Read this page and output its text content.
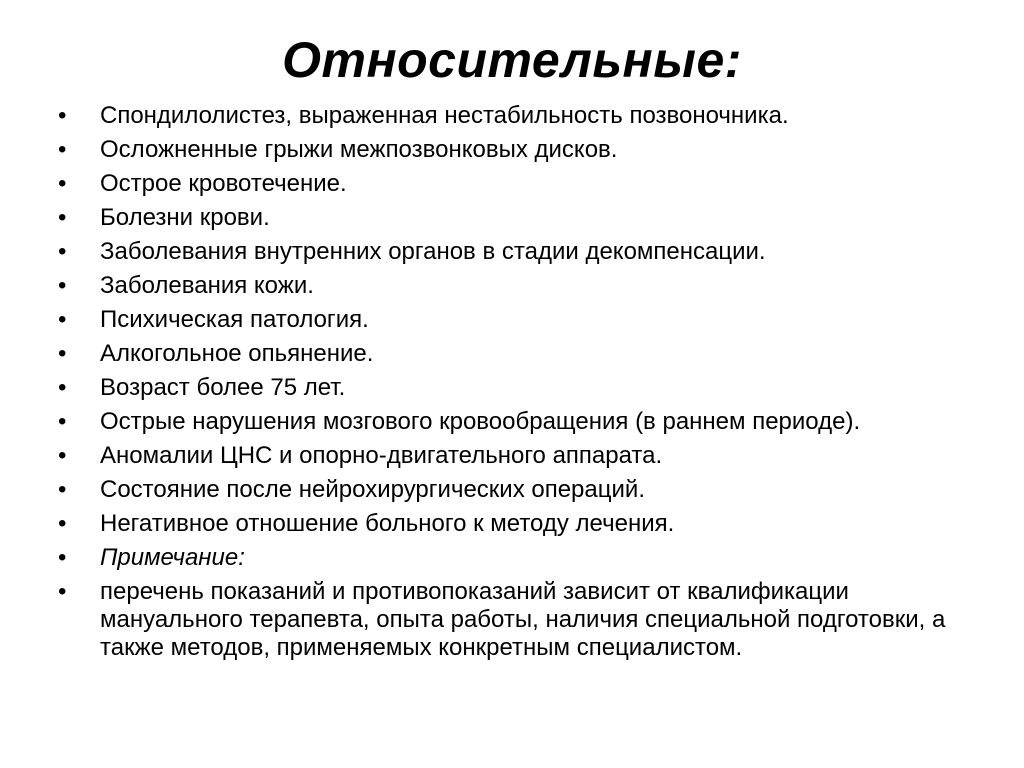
Относительные:
•	Спондилолистез, выраженная нестабильность позвоночника.
•	Осложненные грыжи межпозвонковых дисков.
•	Острое кровотечение.
•	Болезни крови.
•	Заболевания внутренних органов в стадии декомпенсации.
•	Заболевания кожи.
•	Психическая патология.
•	Алкогольное опьянение.
•	Возраст более 75 лет.
•	Острые нарушения мозгового кровообращения (в раннем периоде).
•	Аномалии ЦНС и опорно-двигательного аппарата.
•	Состояние после нейрохирургических операций.
•	Негативное отношение больного к методу лечения.
•	Примечание:
•	перечень показаний и противопоказаний зависит от квалификации мануального терапевта, опыта работы, наличия специальной подготовки, а также методов, применяемых конкретным специалистом.
